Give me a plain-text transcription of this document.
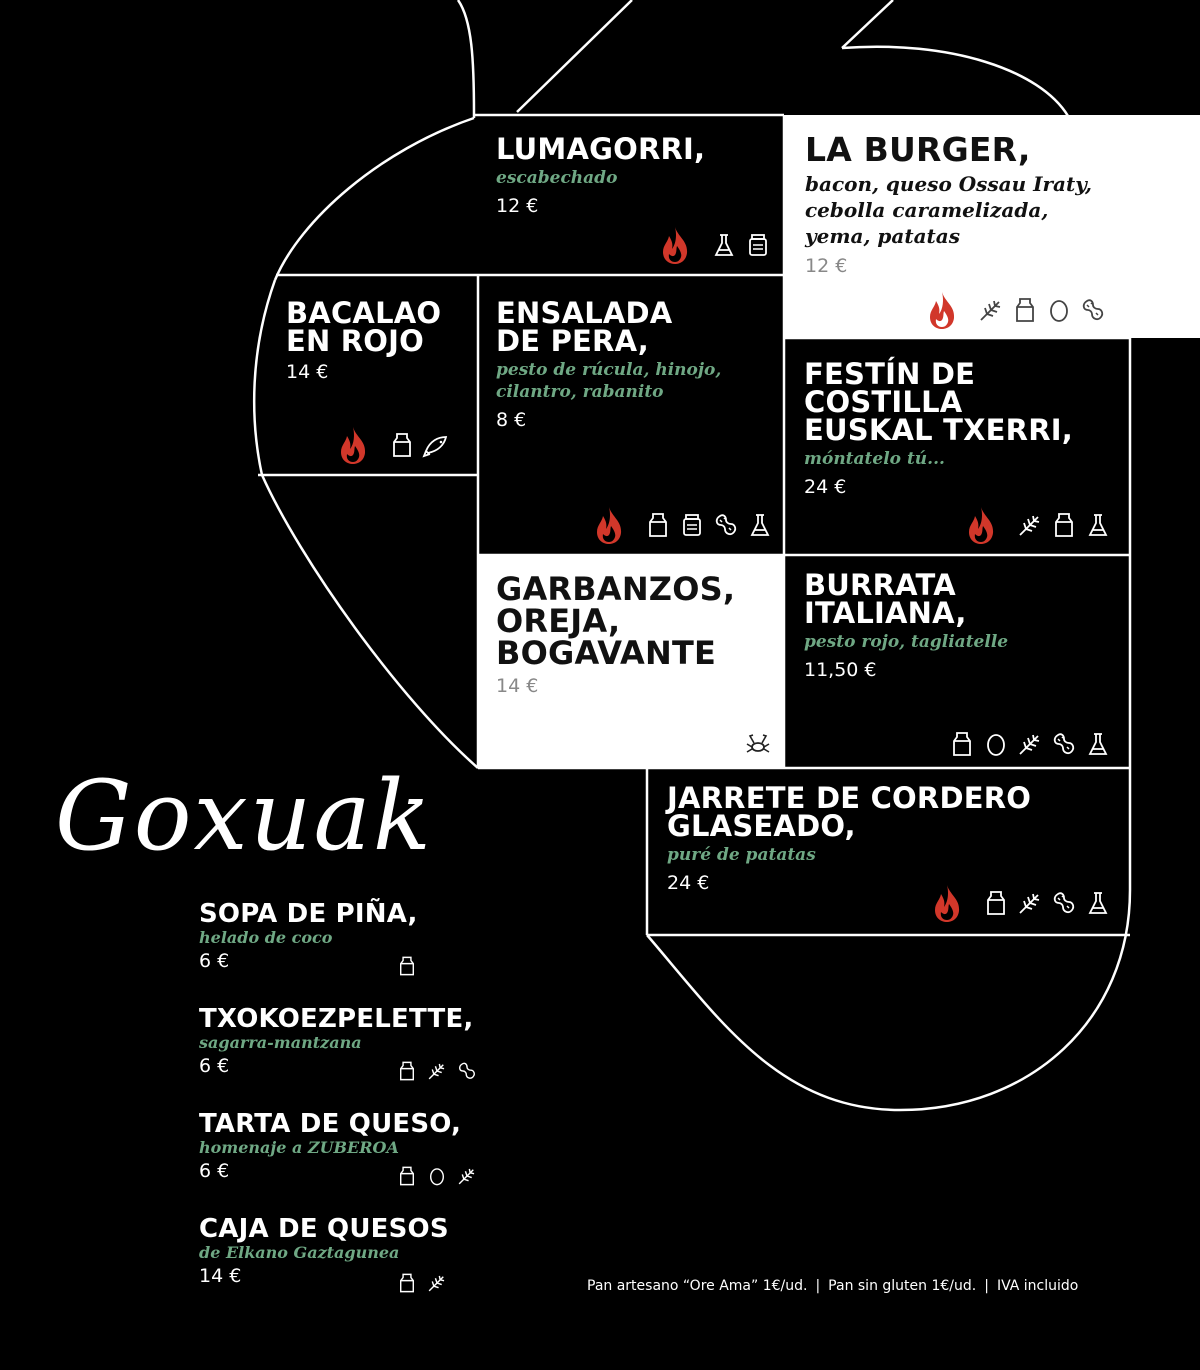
LUMAGORRI,
escabechado
12 €
LA BURGER,
bacon, queso Ossau Iraty,
cebolla caramelizada,
yema, patatas
12 €
BACALAO
EN ROJO
14 €
ENSALADA
DE PERA,
pesto de rúcula, hinojo,
cilantro, rabanito
8 €
FESTÍN DE
COSTILLA
EUSKAL TXERRI,
móntatelo tú...
24 €
GARBANZOS,
OREJA,
BOGAVANTE
14 €
BURRATA
ITALIANA,
pesto rojo, tagliatelle
11,50 €
JARRETE DE CORDERO
GLASEADO,
puré de patatas
24 €
Goxuak
SOPA DE PIÑA,
helado de coco
6 €
TXOKOEZPELETTE,
sagarra-mantzana
6 €
TARTA DE QUESO,
homenaje a ZUBEROA
6 €
CAJA DE QUESOS
de Elkano Gaztagunea
14 €	Pan artesano “Ore Ama” 1€/ud. | Pan sin gluten 1€/ud. | IVA incluido
